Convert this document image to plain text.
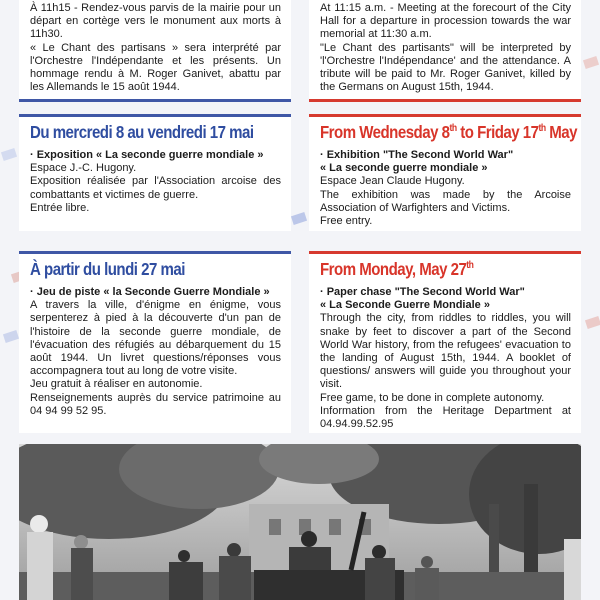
À 11h15 - Rendez-vous parvis de la mairie pour un départ en cortège vers le monument aux morts à 11h30.

« Le Chant des partisans » sera interprété par l'Orchestre l'Indépendante et les présents. Un hommage rendu à M. Roger Ganivet, abattu par les Allemands le 15 août 1944.

At 11:15 a.m. - Meeting at the forecourt of the City Hall for a departure in procession towards the war memorial at 11:30 a.m.

"Le Chant des partisants" will be interpreted by 'l'Orchestre l'Indépendance' and the attendance. A tribute will be paid to Mr. Roger Ganivet, killed by the Germans on August 15th, 1944.

Du mercredi 8 au vendredi 17 mai

· Exposition « La seconde guerre mondiale »

Espace J.-C. Hugony.

Exposition réalisée par l'Association arcoise des combattants et victimes de guerre.

Entrée libre.

From Wednesday 8th to Friday 17th May

· Exhibition "The Second World War"

« La seconde guerre mondiale »

Espace Jean Claude Hugony.

The exhibition was made by the Arcoise Association of Warfighters and Victims.

Free entry.

À partir du lundi 27 mai

· Jeu de piste « la Seconde Guerre Mondiale »

A travers la ville, d'énigme en énigme, vous serpenterez à pied à la découverte d'un pan de l'histoire de la seconde guerre mondiale, de l'évacuation des réfugiés au débarquement du 15 août 1944. Un livret questions/réponses vous accompagnera tout au long de votre visite.

Jeu gratuit à réaliser en autonomie.

Renseignements auprès du service patrimoine au 04 94 99 52 95.

From Monday, May 27th

· Paper chase "The Second World War"

« La Seconde Guerre Mondiale »

Through the city, from riddles to riddles, you will snake by feet to discover a part of the Second World War history, from the refugees' evacuation to the landing of August 15th, 1944. A booklet of questions/ answers will guide you throughout your visit.

Free game, to be done in complete autonomy.

Information from the Heritage Department at 04.94.99.52.95
